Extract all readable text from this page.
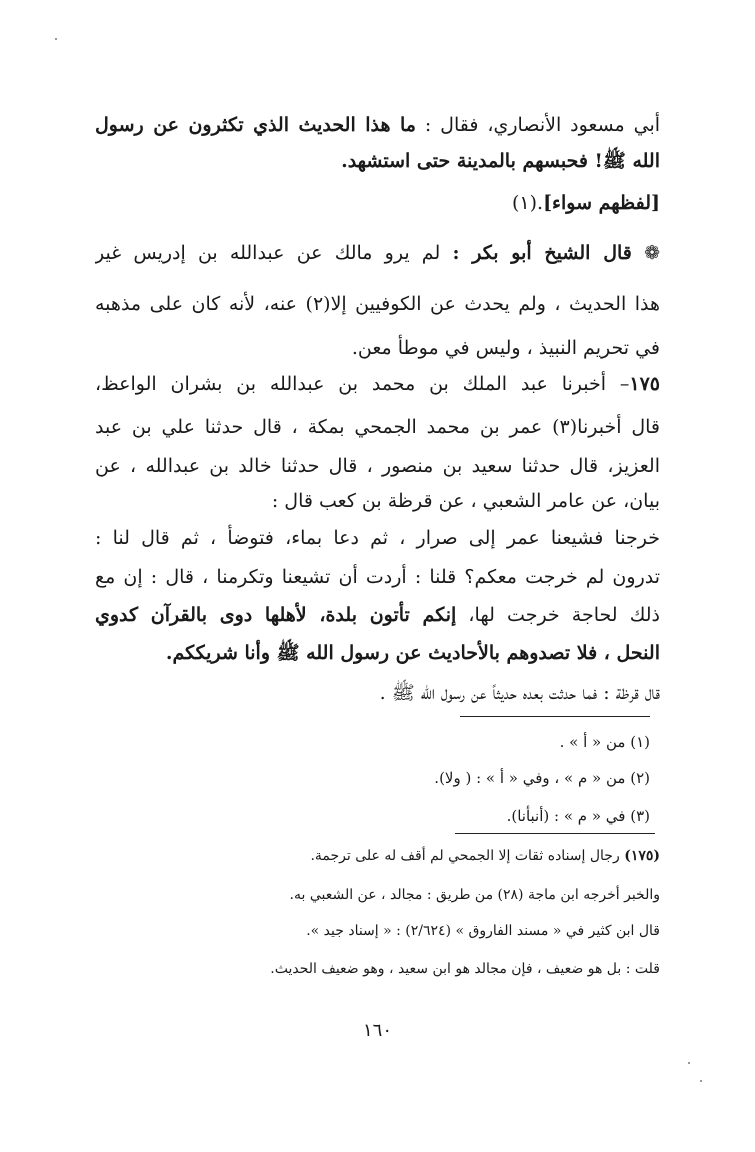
أبي مسعود الأنصاري، فقال : ما هذا الحديث الذي تكثرون عن رسول
الله ﷺ! فحبسهم بالمدينة حتى استشهد.
[لفظهم سواء].(١)
❁ قال الشيخ أبو بكر : لم يرو مالك عن عبدالله بن إدريس غير
هذا الحديث ، ولم يحدث عن الكوفيين إلا(٢) عنه، لأنه كان على مذهبه
في تحريم النبيذ ، وليس في موطأ معن.
١٧٥– أخبرنا عبد الملك بن محمد بن عبدالله بن بشران الواعظ،
قال أخبرنا(٣) عمر بن محمد الجمحي بمكة ، قال حدثنا علي بن عبد
العزيز، قال حدثنا سعيد بن منصور ، قال حدثنا خالد بن عبدالله ، عن
بيان، عن عامر الشعبي ، عن قرظة بن كعب قال :
خرجنا فشيعنا عمر إلى صرار ، ثم دعا بماء، فتوضأ ، ثم قال لنا :
تدرون لم خرجت معكم؟ قلنا : أردت أن تشيعنا وتكرمنا ، قال : إن مع
ذلك لحاجة خرجت لها، إنكم تأتون بلدة، لأهلها دوى بالقرآن كدوي
النحل ، فلا تصدوهم بالأحاديث عن رسول الله ﷺ وأنا شريككم.
قال قرظة : فما حدثت بعده حديثاً عن رسول الله ﷺ .
(١) من « أ » .
(٢) من « م » ، وفي « أ » : ( ولا).
(٣) في « م » : (أنبأنا).
(١٧٥) رجال إسناده ثقات إلا الجمحي لم أقف له على ترجمة.
والخبر أخرجه ابن ماجة (٢٨) من طريق : مجالد ، عن الشعبي به.
قال ابن كثير في « مسند الفاروق » (٢/٦٢٤) : « إسناد جيد ».
قلت : بل هو ضعيف ، فإن مجالد هو ابن سعيد ، وهو ضعيف الحديث.
١٦٠
